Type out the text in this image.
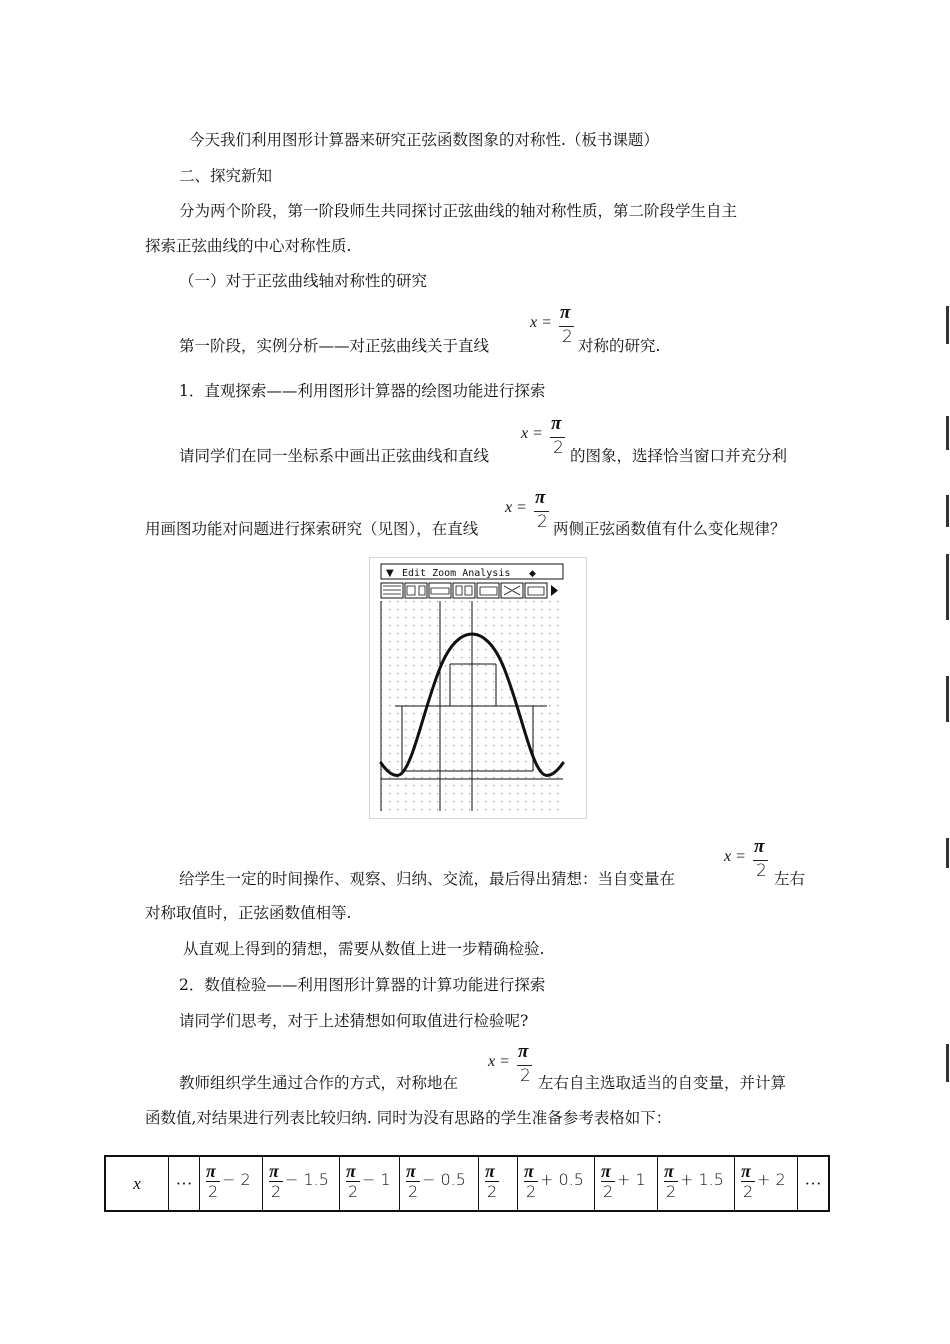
今天我们利用图形计算器来研究正弦函数图象的对称性.（板书课题）
二、探究新知
分为两个阶段，第一阶段师生共同探讨正弦曲线的轴对称性质，第二阶段学生自主
探索正弦曲线的中心对称性质.
（一）对于正弦曲线轴对称性的研究
第一阶段，实例分析——对正弦曲线关于直线
x = π
2 对称的研究.
1．直观探索——利用图形计算器的绘图功能进行探索
请同学们在同一坐标系中画出正弦曲线和直线
x = π
2 的图象，选择恰当窗口并充分利
用画图功能对问题进行探索研究（见图），在直线
x = π
2 两侧正弦函数值有什么变化规律？
▼ Edit Zoom Analysis ◆
给学生一定的时间操作、观察、归纳、交流，最后得出猜想：当自变量在
x = π
2 左右
对称取值时，正弦函数值相等.
从直观上得到的猜想，需要从数值上进一步精确检验.
2．数值检验——利用图形计算器的计算功能进行探索
请同学们思考，对于上述猜想如何取值进行检验呢?
教师组织学生通过合作的方式，对称地在
x = π
2 左右自主选取适当的自变量，并计算
函数值,对结果进行列表比较归纳. 同时为没有思路的学生准备参考表格如下：
x	···	
π
2
− 2	π
2
− 1.5	π
2
− 1	π
2
− 0.5	$\frac{\pi}{2}$	π
2
+ 0.5	π
2
+ 1	π
2
+ 1.5	π
2
+ 2	···
